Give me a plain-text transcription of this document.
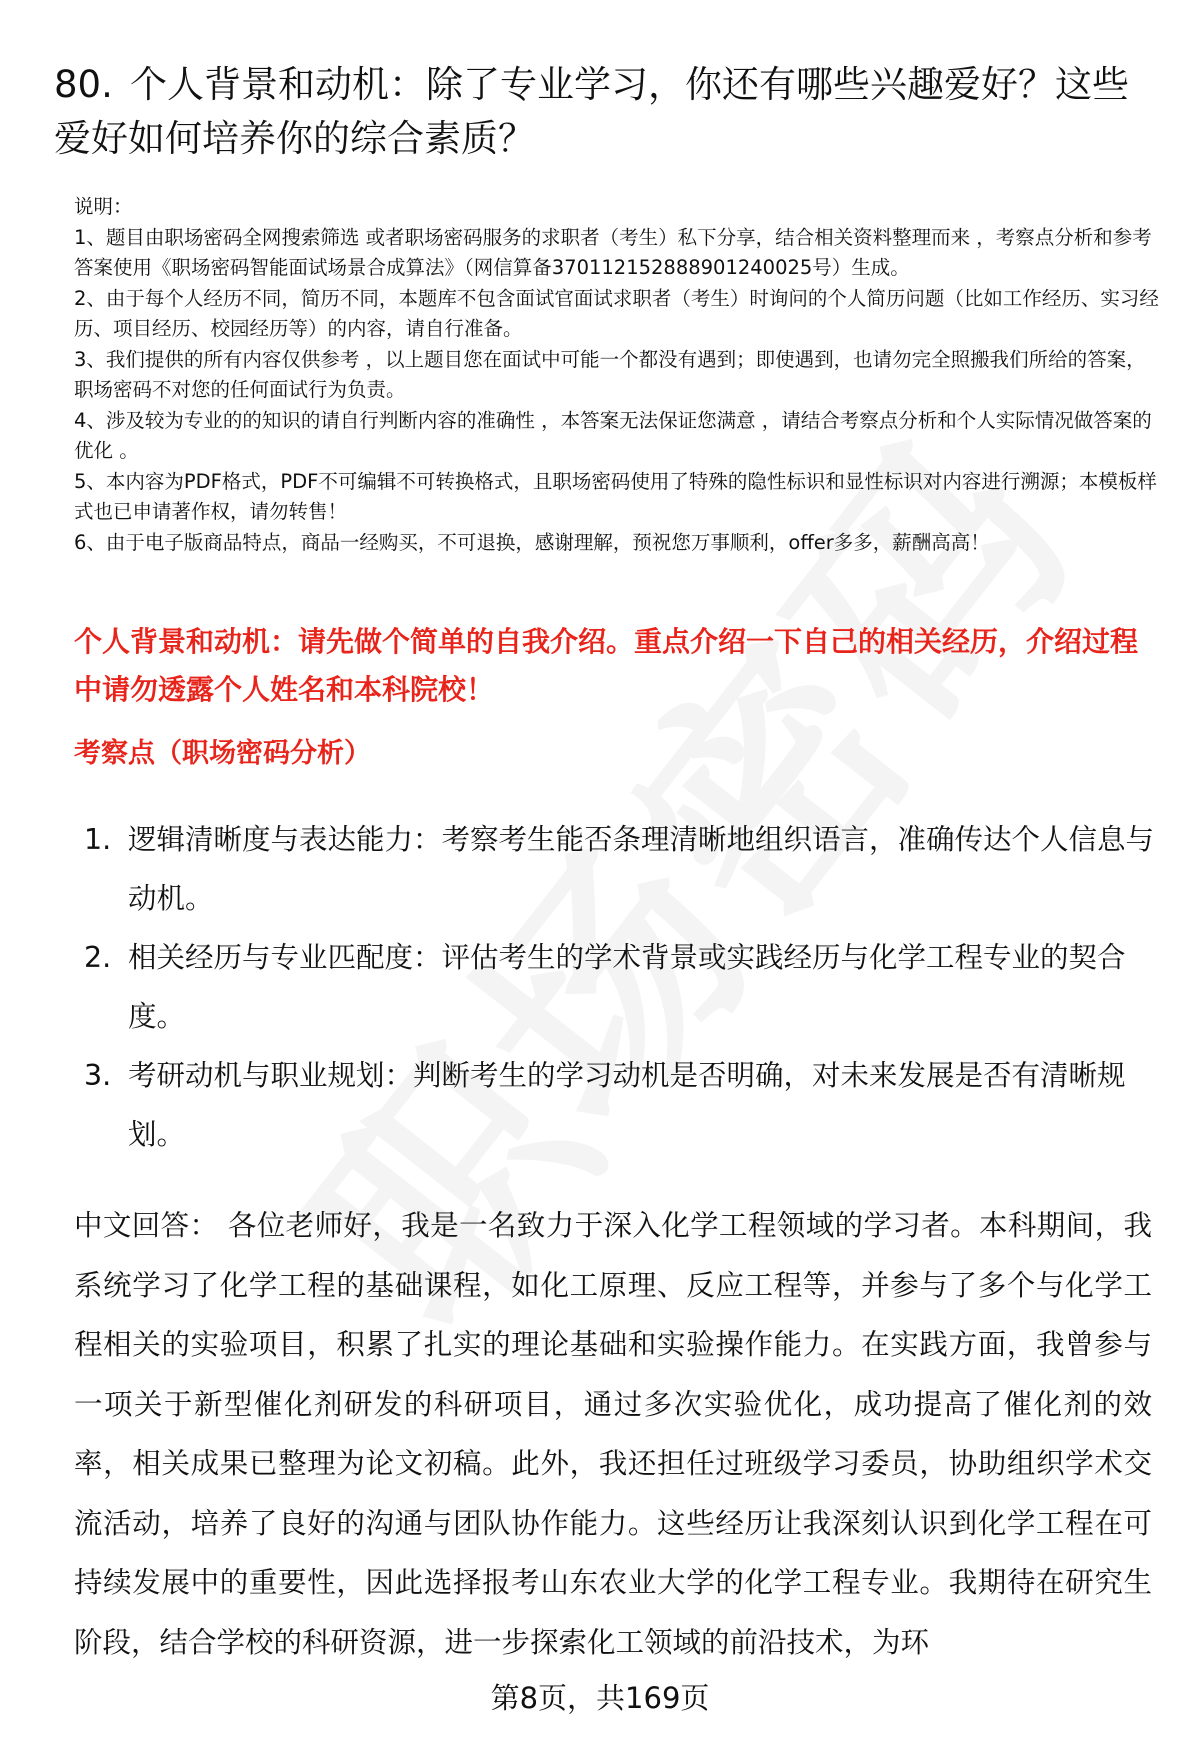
80. 个人背景和动机：除了专业学习，你还有哪些兴趣爱好？这些爱好如何培养你的综合素质？

说明：

1、题目由职场密码全网搜索筛选 或者职场密码服务的求职者（考生）私下分享，结合相关资料整理而来 ，考察点分析和参考答案使用《职场密码智能面试场景合成算法》（网信算备370112152888901240025号）生成。

2、由于每个人经历不同，简历不同，本题库不包含面试官面试求职者（考生）时询问的个人简历问题（比如工作经历、实习经历、项目经历、校园经历等）的内容，请自行准备。

3、我们提供的所有内容仅供参考 ，以上题目您在面试中可能一个都没有遇到；即使遇到，也请勿完全照搬我们所给的答案，职场密码不对您的任何面试行为负责。

4、涉及较为专业的的知识的请自行判断内容的准确性 ，本答案无法保证您满意 ，请结合考察点分析和个人实际情况做答案的优化 。

5、本内容为PDF格式，PDF不可编辑不可转换格式，且职场密码使用了特殊的隐性标识和显性标识对内容进行溯源；本模板样式也已申请著作权，请勿转售！

6、由于电子版商品特点，商品一经购买，不可退换，感谢理解，预祝您万事顺利，offer多多，薪酬高高！

个人背景和动机：请先做个简单的自我介绍。重点介绍一下自己的相关经历，介绍过程中请勿透露个人姓名和本科院校！
考察点（职场密码分析）
1. 逻辑清晰度与表达能力：考察考生能否条理清晰地组织语言，准确传达个人信息与动机。
2. 相关经历与专业匹配度：评估考生的学术背景或实践经历与化学工程专业的契合度。
3. 考研动机与职业规划：判断考生的学习动机是否明确，对未来发展是否有清晰规划。
中文回答： 各位老师好，我是一名致力于深入化学工程领域的学习者。本科期间，我系统学习了化学工程的基础课程，如化工原理、反应工程等，并参与了多个与化学工程相关的实验项目，积累了扎实的理论基础和实验操作能力。在实践方面，我曾参与一项关于新型催化剂研发的科研项目，通过多次实验优化，成功提高了催化剂的效率，相关成果已整理为论文初稿。此外，我还担任过班级学习委员，协助组织学术交流活动，培养了良好的沟通与团队协作能力。这些经历让我深刻认识到化学工程在可持续发展中的重要性，因此选择报考山东农业大学的化学工程专业。我期待在研究生阶段，结合学校的科研资源，进一步探索化工领域的前沿技术，为环
第8页，共169页
